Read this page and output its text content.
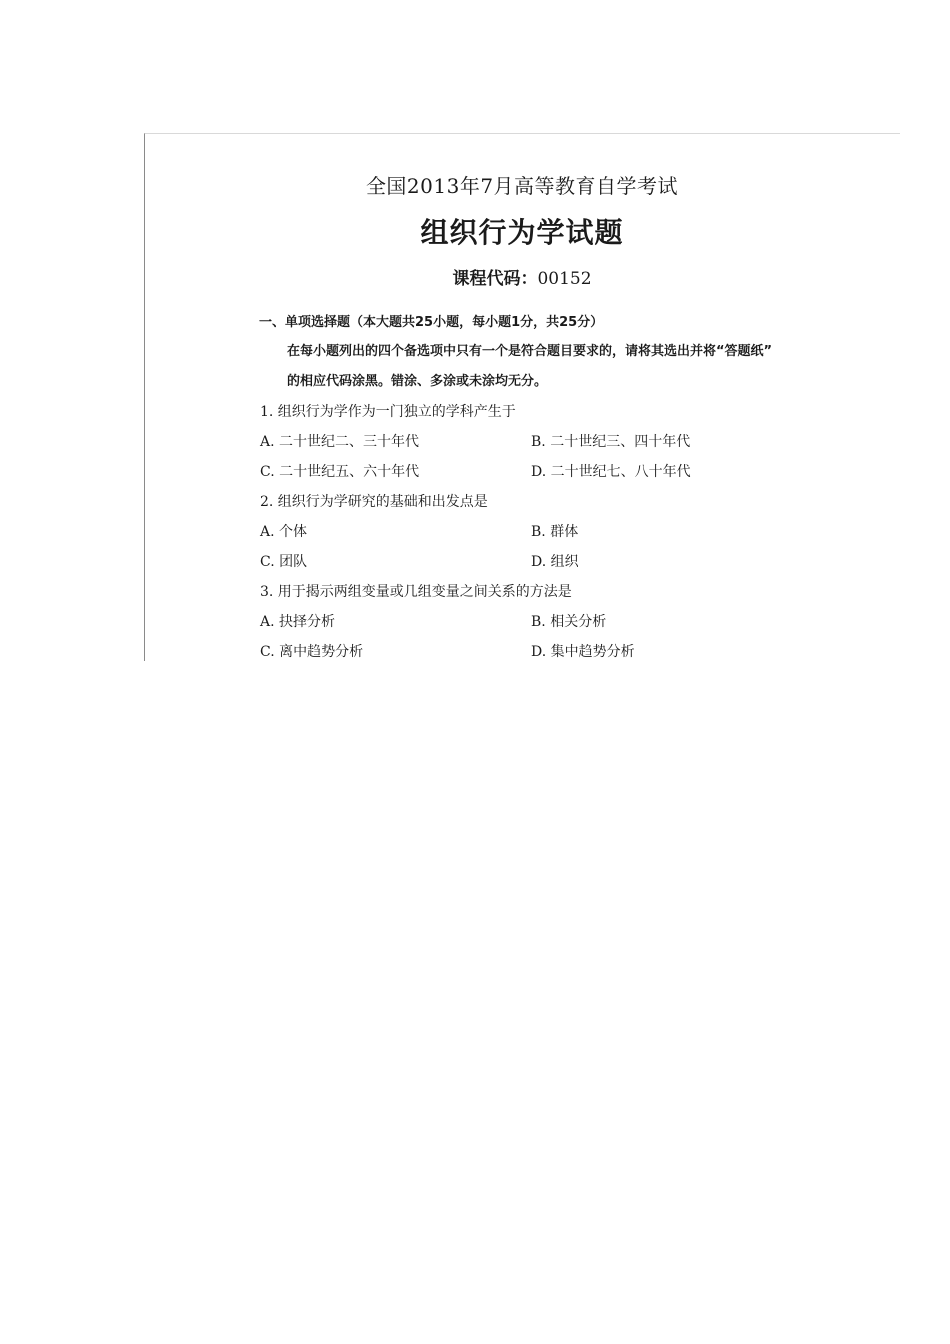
全国2013年7月高等教育自学考试
组织行为学试题
课程代码：00152
一、单项选择题（本大题共25小题，每小题1分，共25分）
在每小题列出的四个备选项中只有一个是符合题目要求的，请将其选出并将“答题纸”
的相应代码涂黑。错涂、多涂或未涂均无分。
1. 组织行为学作为一门独立的学科产生于
A. 二十世纪二、三十年代	B. 二十世纪三、四十年代
C. 二十世纪五、六十年代	D. 二十世纪七、八十年代
2. 组织行为学研究的基础和出发点是
A. 个体	B. 群体
C. 团队	D. 组织
3. 用于揭示两组变量或几组变量之间关系的方法是
A. 抉择分析	B. 相关分析
C. 离中趋势分析	D. 集中趋势分析
